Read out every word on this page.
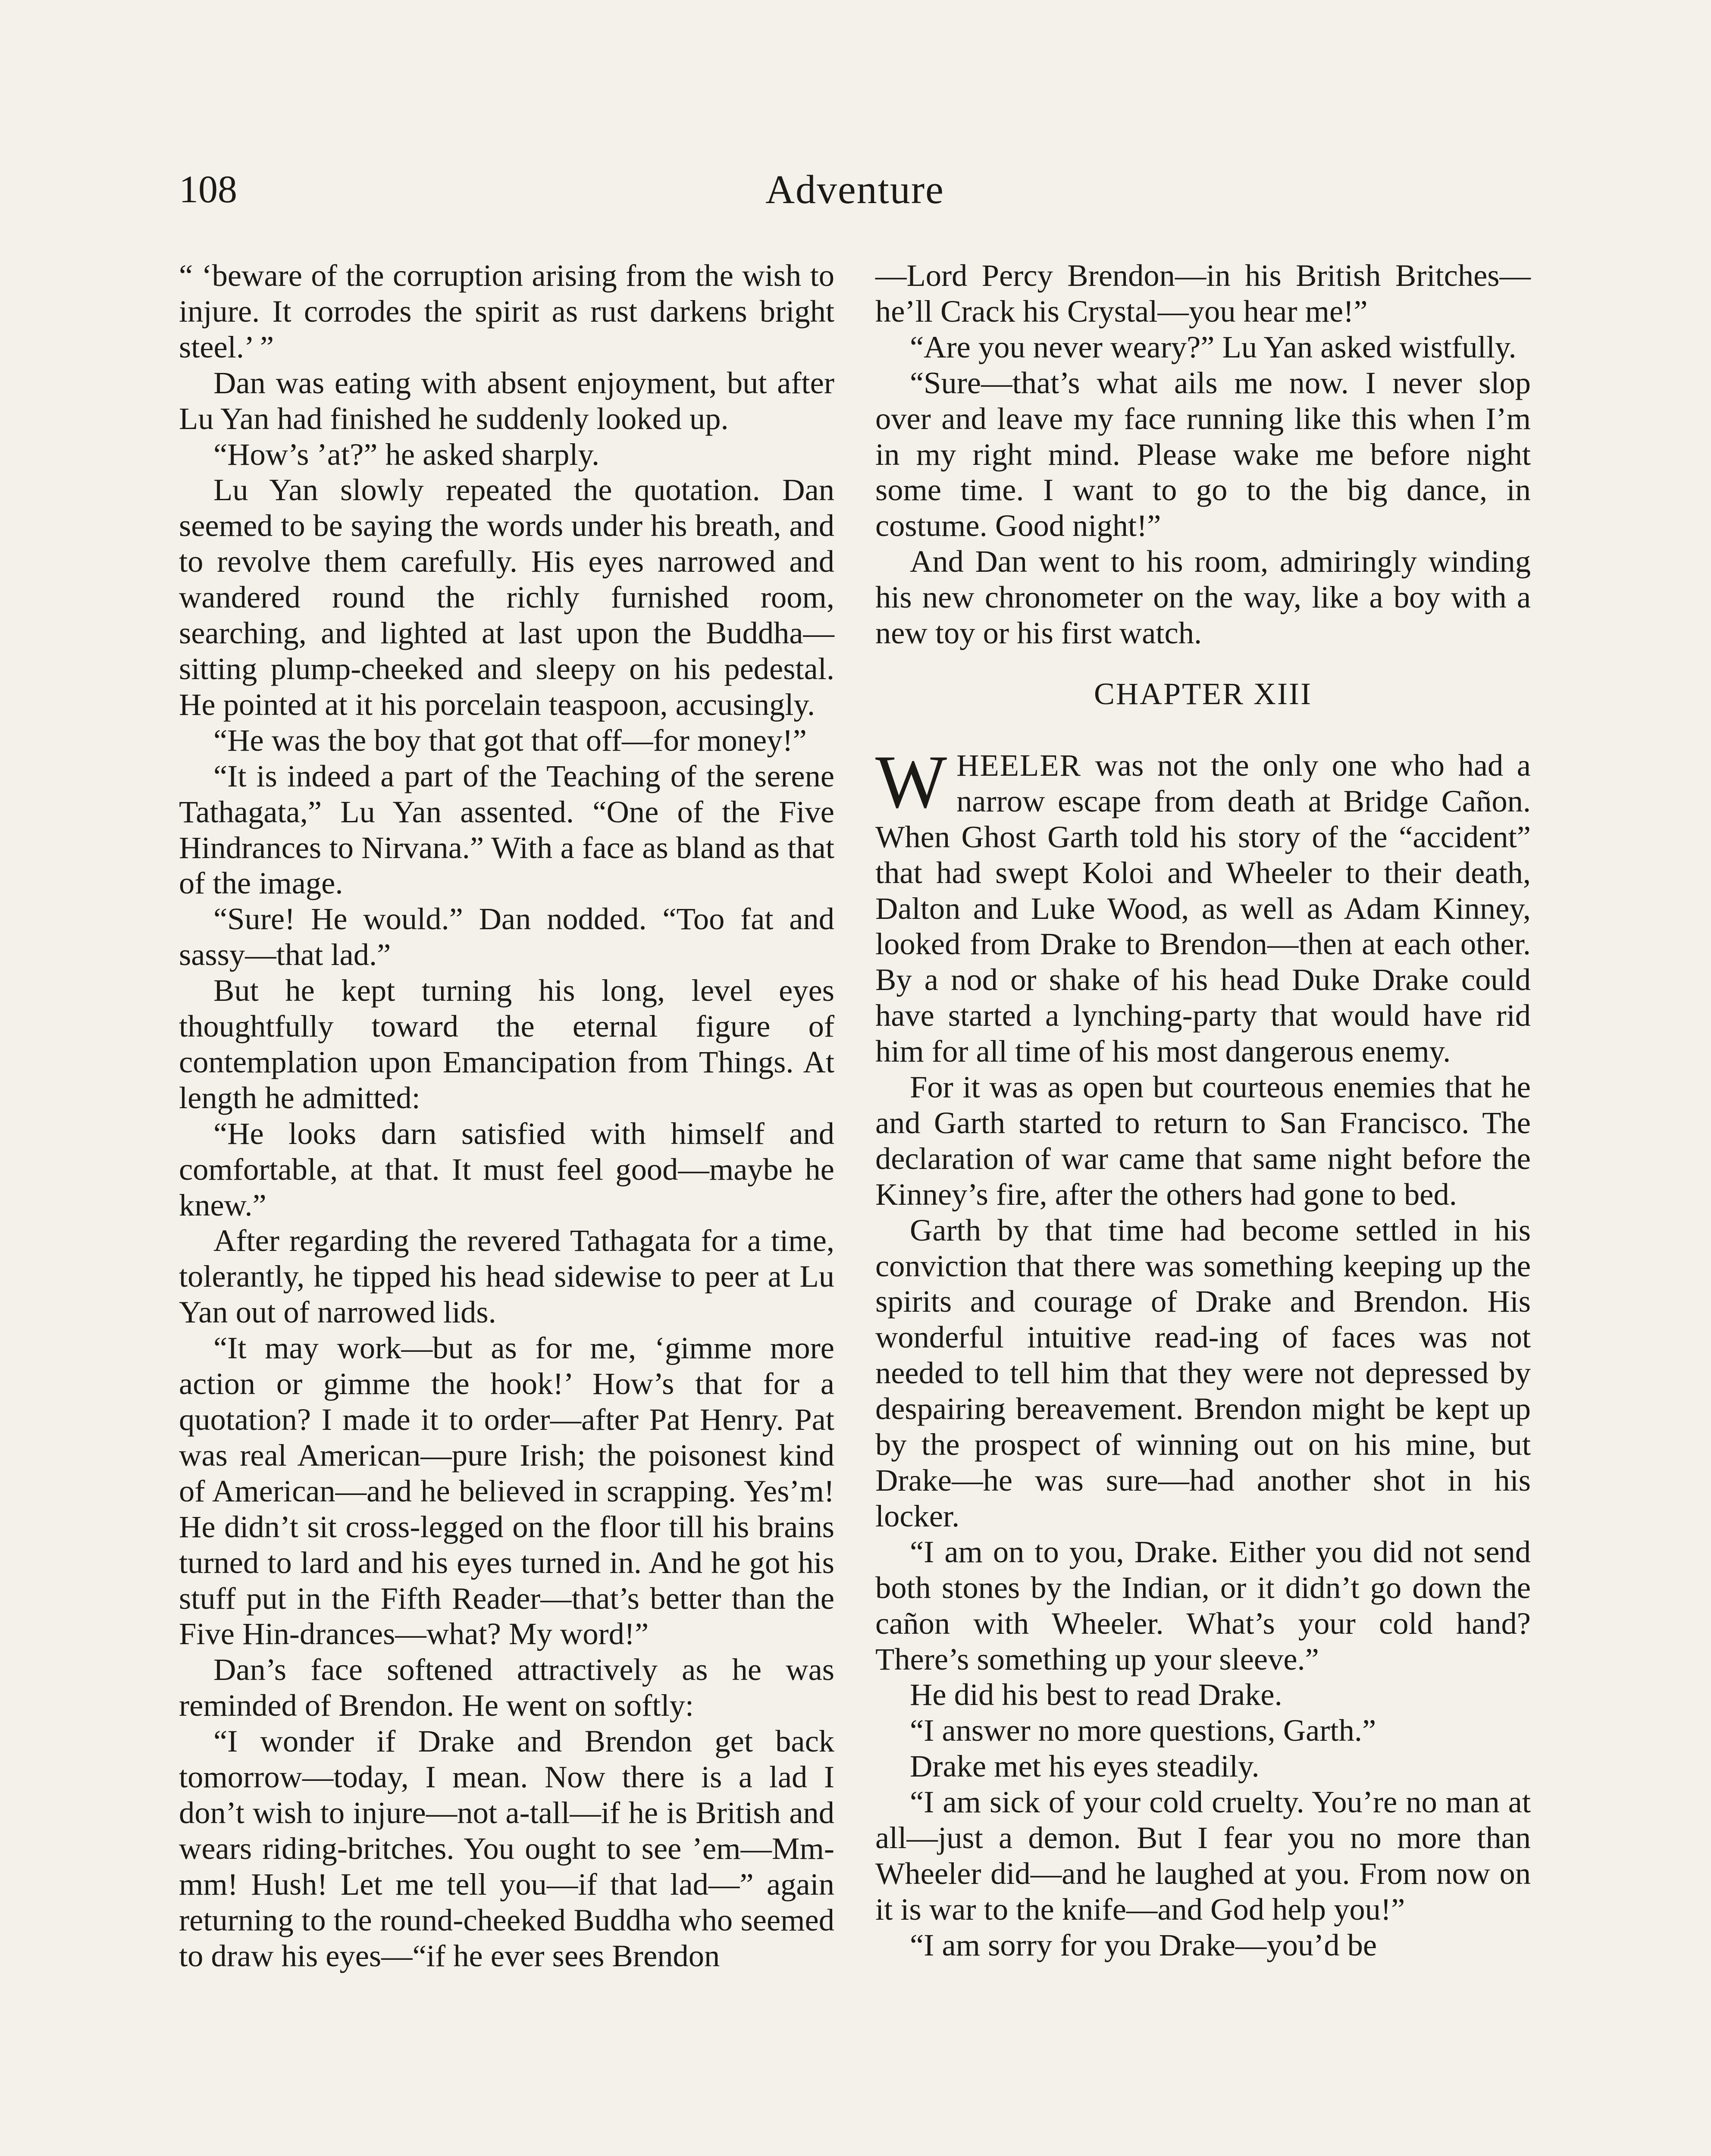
108	Adventure

“ ‘beware of the corruption arising from the wish to injure. It corrodes the spirit as rust darkens bright steel.’ ”

Dan was eating with absent enjoyment, but after Lu Yan had finished he suddenly looked up.

“How’s ’at?” he asked sharply.

Lu Yan slowly repeated the quotation. Dan seemed to be saying the words under his breath, and to revolve them carefully. His eyes narrowed and wandered round the richly furnished room, searching, and lighted at last upon the Buddha—sitting plump-cheeked and sleepy on his pedestal. He pointed at it his porcelain teaspoon, accusingly.

“He was the boy that got that off—for money!”

“It is indeed a part of the Teaching of the serene Tathagata,” Lu Yan assented. “One of the Five Hindrances to Nirvana.” With a face as bland as that of the image.

“Sure! He would.” Dan nodded. “Too fat and sassy—that lad.”

But he kept turning his long, level eyes thoughtfully toward the eternal figure of contemplation upon Emancipation from Things. At length he admitted:

“He looks darn satisfied with himself and comfortable, at that. It must feel good—maybe he knew.”

After regarding the revered Tathagata for a time, tolerantly, he tipped his head sidewise to peer at Lu Yan out of narrowed lids.

“It may work—but as for me, ‘gimme more action or gimme the hook!’ How’s that for a quotation? I made it to order—after Pat Henry. Pat was real American—pure Irish; the poisonest kind of American—and he believed in scrapping. Yes’m! He didn’t sit cross-legged on the floor till his brains turned to lard and his eyes turned in. And he got his stuff put in the Fifth Reader—that’s better than the Five Hin-drances—what? My word!”

Dan’s face softened attractively as he was reminded of Brendon. He went on softly:

“I wonder if Drake and Brendon get back tomorrow—today, I mean. Now there is a lad I don’t wish to injure—not a-tall—if he is British and wears riding-britches. You ought to see ’em—Mm-mm! Hush! Let me tell you—if that lad—” again returning to the round-cheeked Buddha who seemed to draw his eyes—“if he ever sees Brendon

—Lord Percy Brendon—in his British Britches—he’ll Crack his Crystal—you hear me!”

“Are you never weary?” Lu Yan asked wistfully.

“Sure—that’s what ails me now. I never slop over and leave my face running like this when I’m in my right mind. Please wake me before night some time. I want to go to the big dance, in costume. Good night!”

And Dan went to his room, admiringly winding his new chronometer on the way, like a boy with a new toy or his first watch.

CHAPTER XIII

WHEELER was not the only one who had a narrow escape from death at Bridge Cañon. When Ghost Garth told his story of the “accident” that had swept Koloi and Wheeler to their death, Dalton and Luke Wood, as well as Adam Kinney, looked from Drake to Brendon—then at each other. By a nod or shake of his head Duke Drake could have started a lynching-party that would have rid him for all time of his most dangerous enemy.

For it was as open but courteous enemies that he and Garth started to return to San Francisco. The declaration of war came that same night before the Kinney’s fire, after the others had gone to bed.

Garth by that time had become settled in his conviction that there was something keeping up the spirits and courage of Drake and Brendon. His wonderful intuitive read-ing of faces was not needed to tell him that they were not depressed by despairing bereavement. Brendon might be kept up by the prospect of winning out on his mine, but Drake—he was sure—had another shot in his locker.

“I am on to you, Drake. Either you did not send both stones by the Indian, or it didn’t go down the cañon with Wheeler. What’s your cold hand? There’s something up your sleeve.”

He did his best to read Drake.

“I answer no more questions, Garth.”

Drake met his eyes steadily.

“I am sick of your cold cruelty. You’re no man at all—just a demon. But I fear you no more than Wheeler did—and he laughed at you. From now on it is war to the knife—and God help you!”

“I am sorry for you Drake—you’d be
